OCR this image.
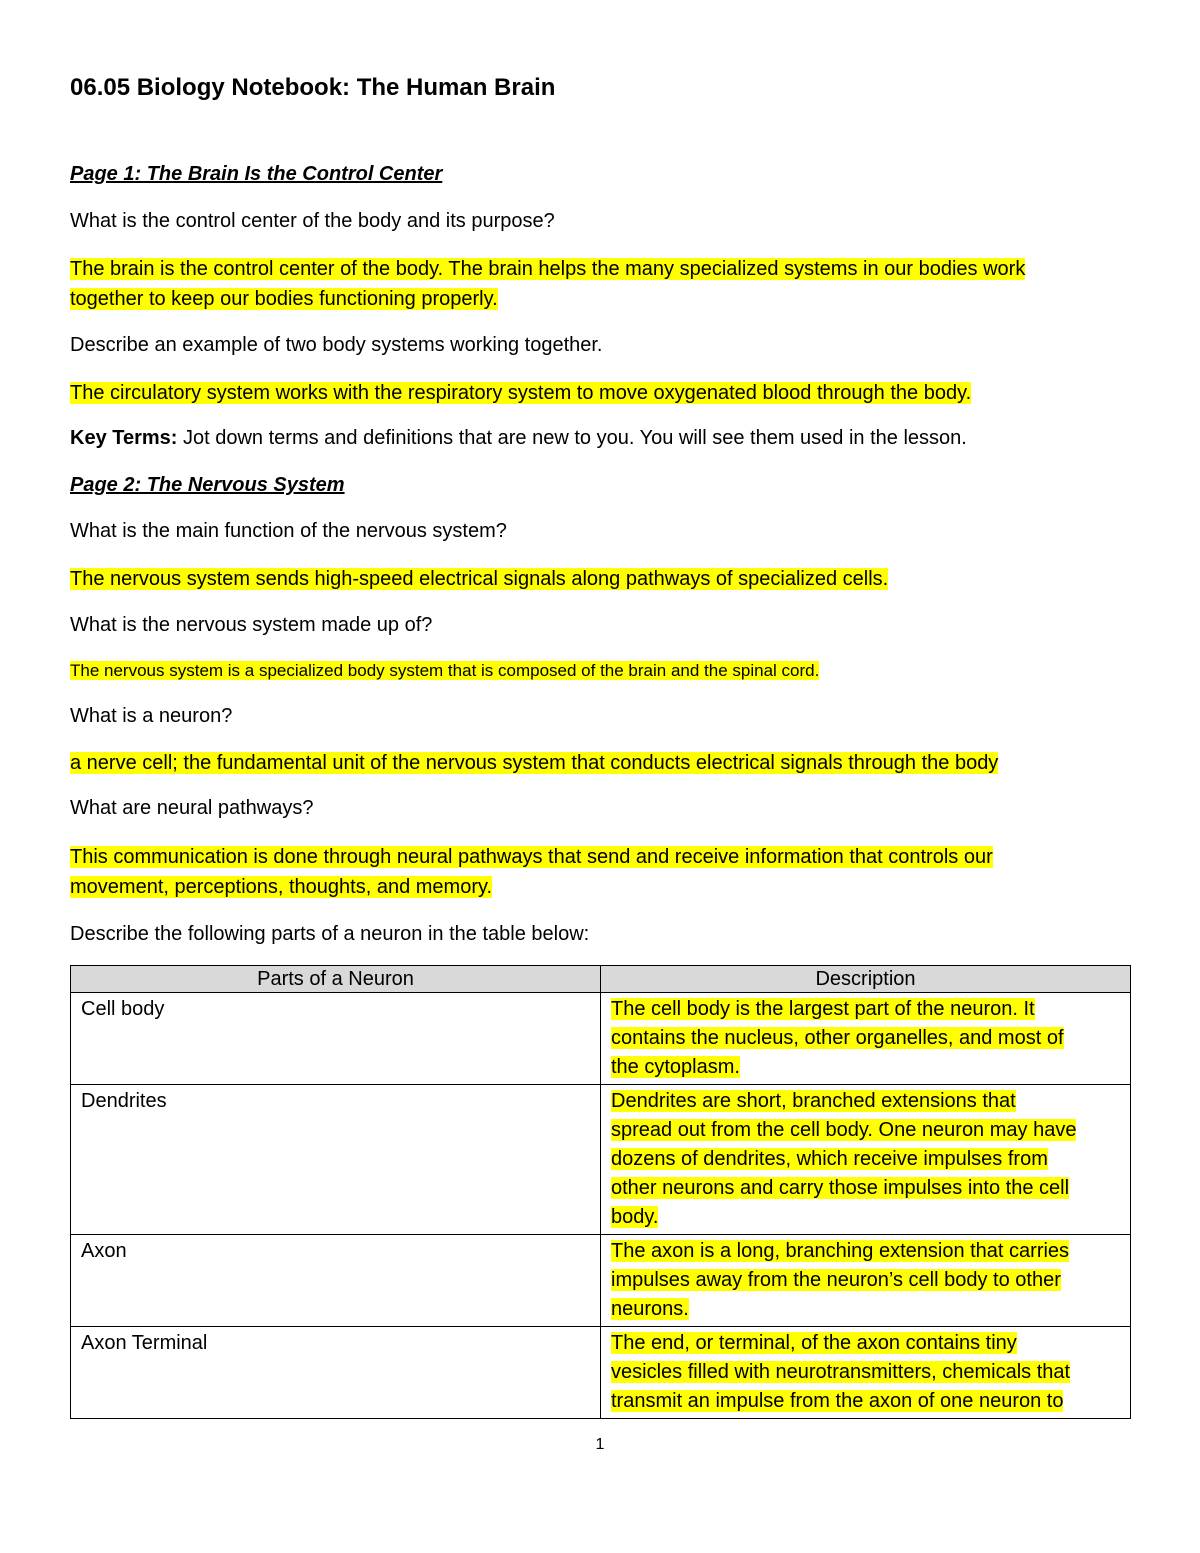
06.05 Biology Notebook: The Human Brain

Page 1: The Brain Is the Control Center

What is the control center of the body and its purpose?

The brain is the control center of the body. The brain helps the many specialized systems in our bodies work
together to keep our bodies functioning properly.

Describe an example of two body systems working together.

The circulatory system works with the respiratory system to move oxygenated blood through the body.

Key Terms: Jot down terms and definitions that are new to you. You will see them used in the lesson.

Page 2: The Nervous System

What is the main function of the nervous system?

The nervous system sends high-speed electrical signals along pathways of specialized cells.

What is the nervous system made up of?

The nervous system is a specialized body system that is composed of the brain and the spinal cord.

What is a neuron?

a nerve cell; the fundamental unit of the nervous system that conducts electrical signals through the body

What are neural pathways?

This communication is done through neural pathways that send and receive information that controls our
movement, perceptions, thoughts, and memory.

Describe the following parts of a neuron in the table below:

Parts of a Neuron	Description
Cell body	The cell body is the largest part of the neuron. It
contains the nucleus, other organelles, and most of
the cytoplasm.
Dendrites	Dendrites are short, branched extensions that
spread out from the cell body. One neuron may have
dozens of dendrites, which receive impulses from
other neurons and carry those impulses into the cell
body.
Axon	The axon is a long, branching extension that carries
impulses away from the neuron’s cell body to other
neurons.
Axon Terminal	The end, or terminal, of the axon contains tiny
vesicles filled with neurotransmitters, chemicals that
transmit an impulse from the axon of one neuron to
1
